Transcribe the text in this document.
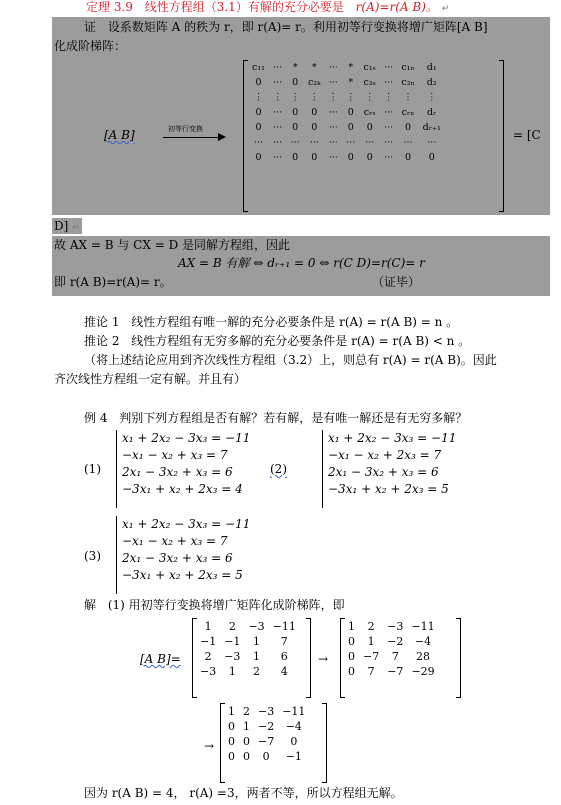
定理 3.9 线性方程组（3.1）有解的充分必要是 r(A)=r(A B)。 ↵
证 设系数矩阵 A 的秩为 r，即 r(A)= r。利用初等行变换将增广矩阵[A B]
化成阶梯阵：
[A B]	初等行变换
c₁₁	···	*	*	···	*	c₁ₛ	···	c₁ₙ	d₁
0	···	0	c₂ₖ	···	*	c₂ₛ	···	c₂ₙ	d₂
⋮	⋮	⋮	⋮	⋮	⋮	⋮	⋮	⋮	⋮
0	···	0	0	···	0	cᵣₛ	···	cᵣₙ	dᵣ
0	···	0	0	···	0	0	···	0	dᵣ₊₁
···	···	···	···	···	···	···	···	···	···
0	···	0	0	···	0	0	···	0	0
= [C
D] ↵
故 AX = B 与 CX = D 是同解方程组，因此
AX = B 有解 ⇔ dᵣ₊₁ = 0 ⇔ r(C D)=r(C)= r
即 r(A B)=r(A)= r。	（证毕）
推论 1 线性方程组有唯一解的充分必要条件是 r(A) = r(A B) = n 。
推论 2 线性方程组有无穷多解的充分必要条件是 r(A) = r(A B) < n 。
（将上述结论应用到齐次线性方程组（3.2）上，则总有 r(A) = r(A B)。因此
齐次线性方程组一定有解。并且有）
例 4 判别下列方程组是否有解？若有解，是有唯一解还是有无穷多解？
(1)
x₁ + 2x₂ − 3x₃ = −11
−x₁ − x₂ + x₃ = 7
2x₁ − 3x₂ + x₃ = 6
−3x₁ + x₂ + 2x₃ = 4
(2)
x₁ + 2x₂ − 3x₃ = −11
−x₁ − x₂ + 2x₃ = 7
2x₁ − 3x₂ + x₃ = 6
−3x₁ + x₂ + 2x₃ = 5
(3)
x₁ + 2x₂ − 3x₃ = −11
−x₁ − x₂ + x₃ = 7
2x₁ − 3x₂ + x₃ = 6
−3x₁ + x₂ + 2x₃ = 5
解 (1) 用初等行变换将增广矩阵化成阶梯阵，即
[A B]=
1	2	−3	−11
−1	−1	1	7
2	−3	1	6
−3	1	2	4
→
1	2	−3	−11
0	1	−2	−4
0	−7	7	28
0	7	−7	−29
→
1	2	−3	−11
0	1	−2	−4
0	0	−7	0
0	0	0	−1
因为 r(A B) = 4， r(A) =3，两者不等，所以方程组无解。
